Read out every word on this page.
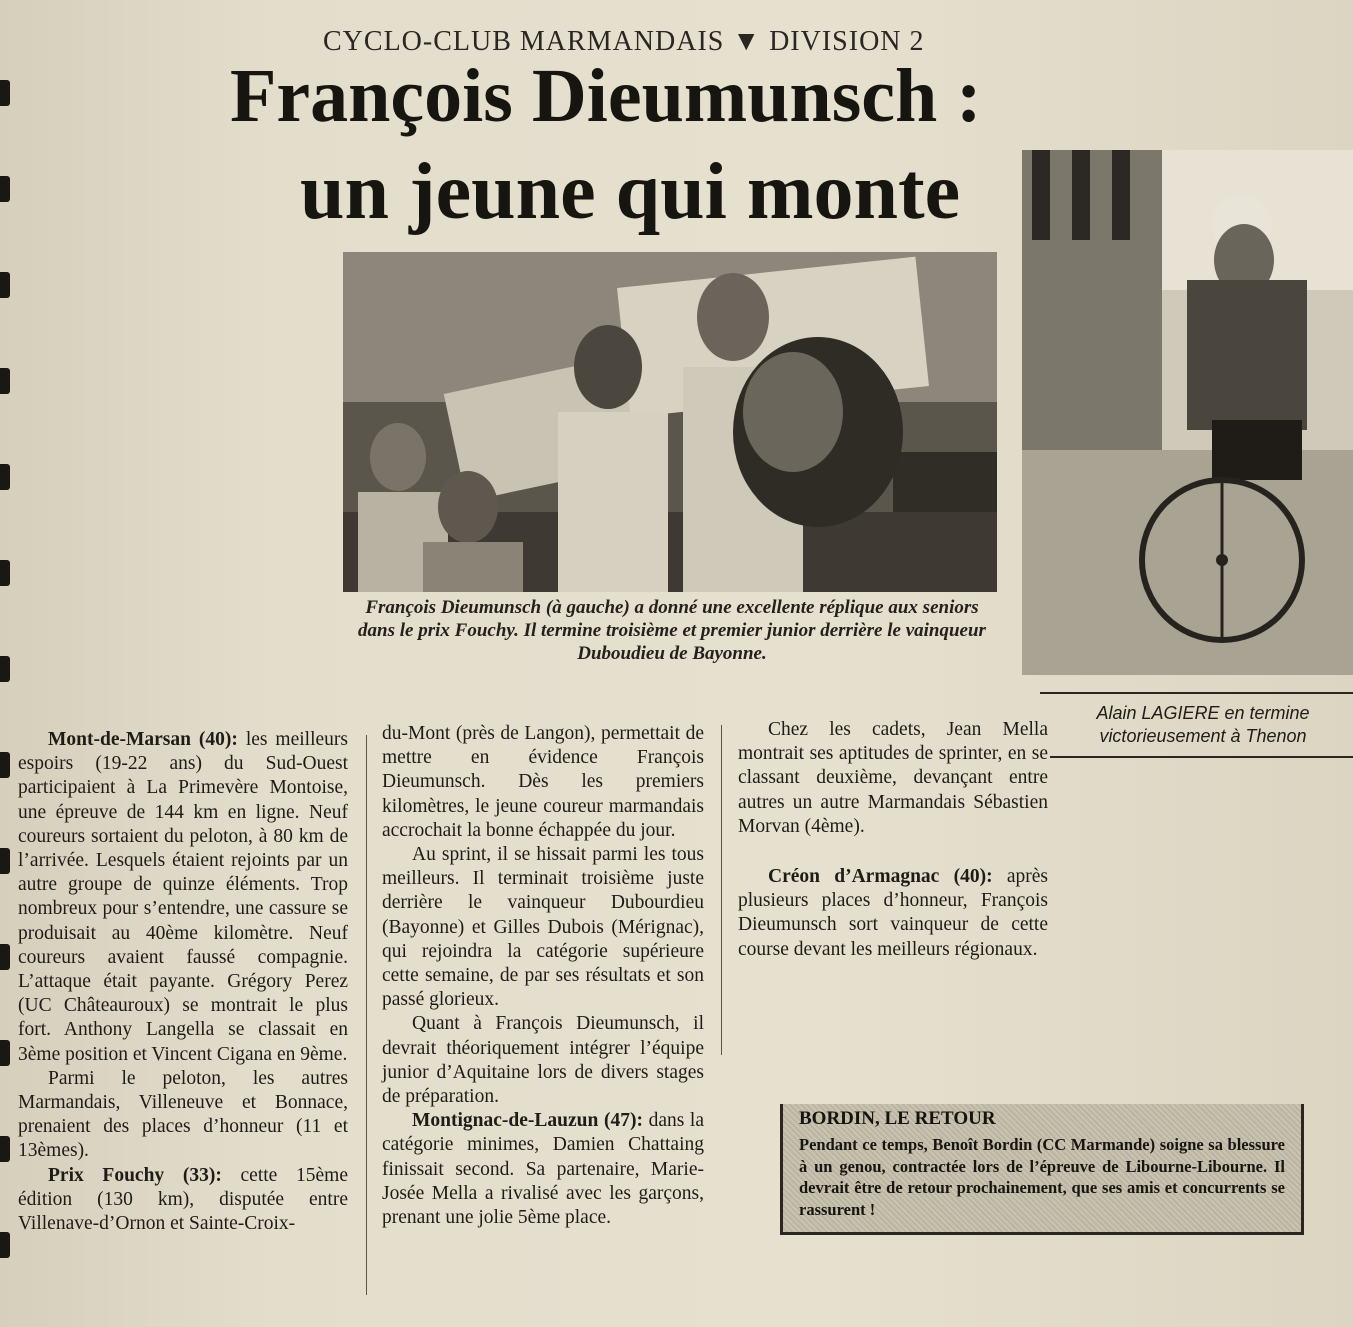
CYCLO-CLUB MARMANDAIS ▼ DIVISION 2
François Dieumunsch :
un jeune qui monte
François Dieumunsch (à gauche) a donné une excellente réplique aux seniors dans le prix Fouchy. Il termine troisième et premier junior derrière le vainqueur Duboudieu de Bayonne.
Alain LAGIERE en termine victorieusement à Thenon

Mont-de-Marsan (40): les meilleurs espoirs (19-22 ans) du Sud-Ouest participaient à La Primevère Montoise, une épreuve de 144 km en ligne. Neuf coureurs sortaient du peloton, à 80 km de l’arrivée. Lesquels étaient rejoints par un autre groupe de quinze éléments. Trop nombreux pour s’entendre, une cassure se produisait au 40ème kilomètre. Neuf coureurs avaient faussé compagnie. L’attaque était payante. Grégory Perez (UC Châteauroux) se montrait le plus fort. Anthony Langella se classait en 3ème position et Vincent Cigana en 9ème.

Parmi le peloton, les autres Marmandais, Villeneuve et Bonnace, prenaient des places d’honneur (11 et 13èmes).

Prix Fouchy (33): cette 15ème édition (130 km), disputée entre Villenave-d’Ornon et Sainte-Croix-

du-Mont (près de Langon), permettait de mettre en évidence François Dieumunsch. Dès les premiers kilomètres, le jeune coureur marmandais accrochait la bonne échappée du jour.

Au sprint, il se hissait parmi les tous meilleurs. Il terminait troisième juste derrière le vainqueur Dubourdieu (Bayonne) et Gilles Dubois (Mérignac), qui rejoindra la catégorie supérieure cette semaine, de par ses résultats et son passé glorieux.

Quant à François Dieumunsch, il devrait théoriquement intégrer l’équipe junior d’Aquitaine lors de divers stages de préparation.

Montignac-de-Lauzun (47): dans la catégorie minimes, Damien Chattaing finissait second. Sa partenaire, Marie-Josée Mella a rivalisé avec les garçons, prenant une jolie 5ème place.

Chez les cadets, Jean Mella montrait ses aptitudes de sprinter, en se classant deuxième, devançant entre autres un autre Marmandais Sébastien Morvan (4ème).

Créon d’Armagnac (40): après plusieurs places d’honneur, François Dieumunsch sort vainqueur de cette course devant les meilleurs régionaux.

BORDIN, LE RETOUR
Pendant ce temps, Benoît Bordin (CC Marmande) soigne sa blessure à un genou, contractée lors de l’épreuve de Libourne-Libourne. Il devrait être de retour prochainement, que ses amis et concurrents se rassurent !
